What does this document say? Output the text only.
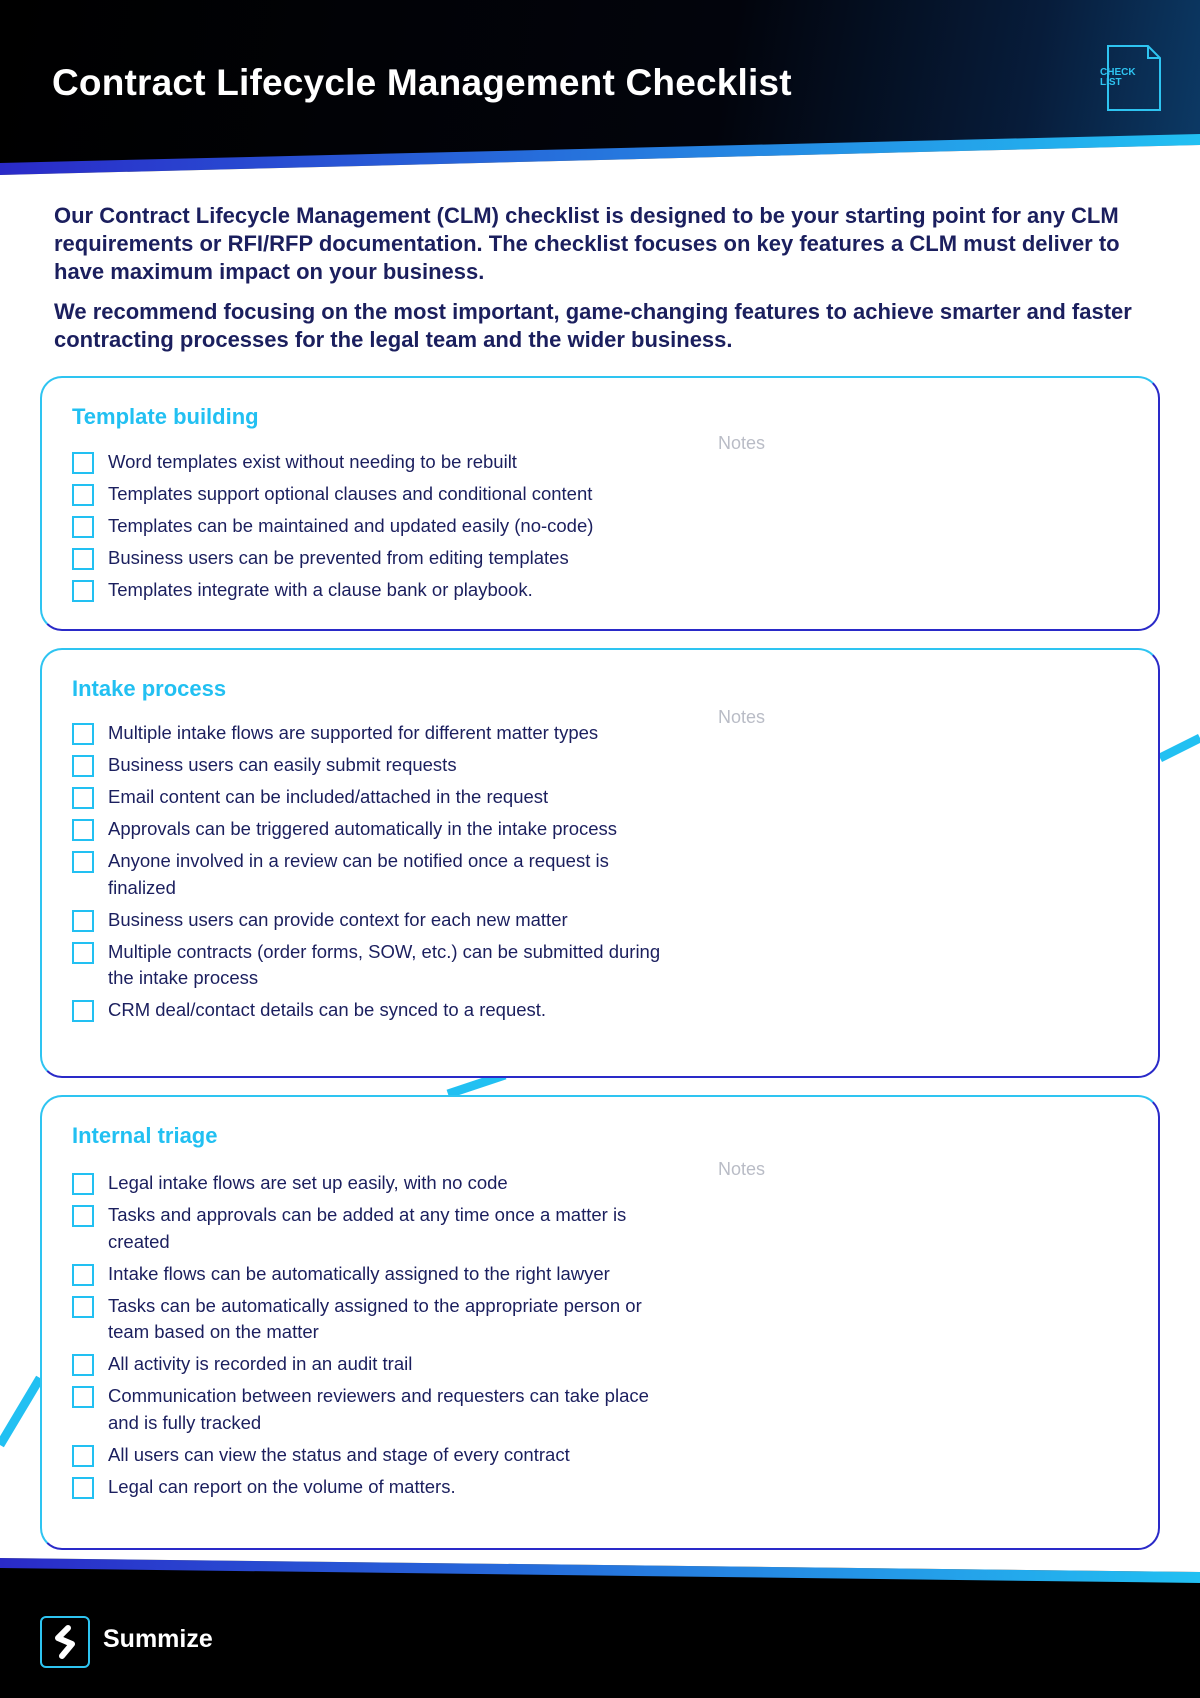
Contract Lifecycle Management Checklist	CHECK LIST

Our Contract Lifecycle Management (CLM) checklist is designed to be your starting point for any CLM requirements or RFI/RFP documentation. The checklist focuses on key features a CLM must deliver to have maximum impact on your business.

We recommend focusing on the most important, game-changing features to achieve smarter and faster contracting processes for the legal team and the wider business.

Template building
Notes
Word templates exist without needing to be rebuilt
Templates support optional clauses and conditional content
Templates can be maintained and updated easily (no-code)
Business users can be prevented from editing templates
Templates integrate with a clause bank or playbook.
Intake process
Notes
Multiple intake flows are supported for different matter types
Business users can easily submit requests
Email content can be included/attached in the request
Approvals can be triggered automatically in the intake process
Anyone involved in a review can be notified once a request is finalized
Business users can provide context for each new matter
Multiple contracts (order forms, SOW, etc.) can be submitted during the intake process
CRM deal/contact details can be synced to a request.
Internal triage
Notes
Legal intake flows are set up easily, with no code
Tasks and approvals can be added at any time once a matter is created
Intake flows can be automatically assigned to the right lawyer
Tasks can be automatically assigned to the appropriate person or team based on the matter
All activity is recorded in an audit trail
Communication between reviewers and requesters can take place and is fully tracked
All users can view the status and stage of every contract
Legal can report on the volume of matters.
Summize
